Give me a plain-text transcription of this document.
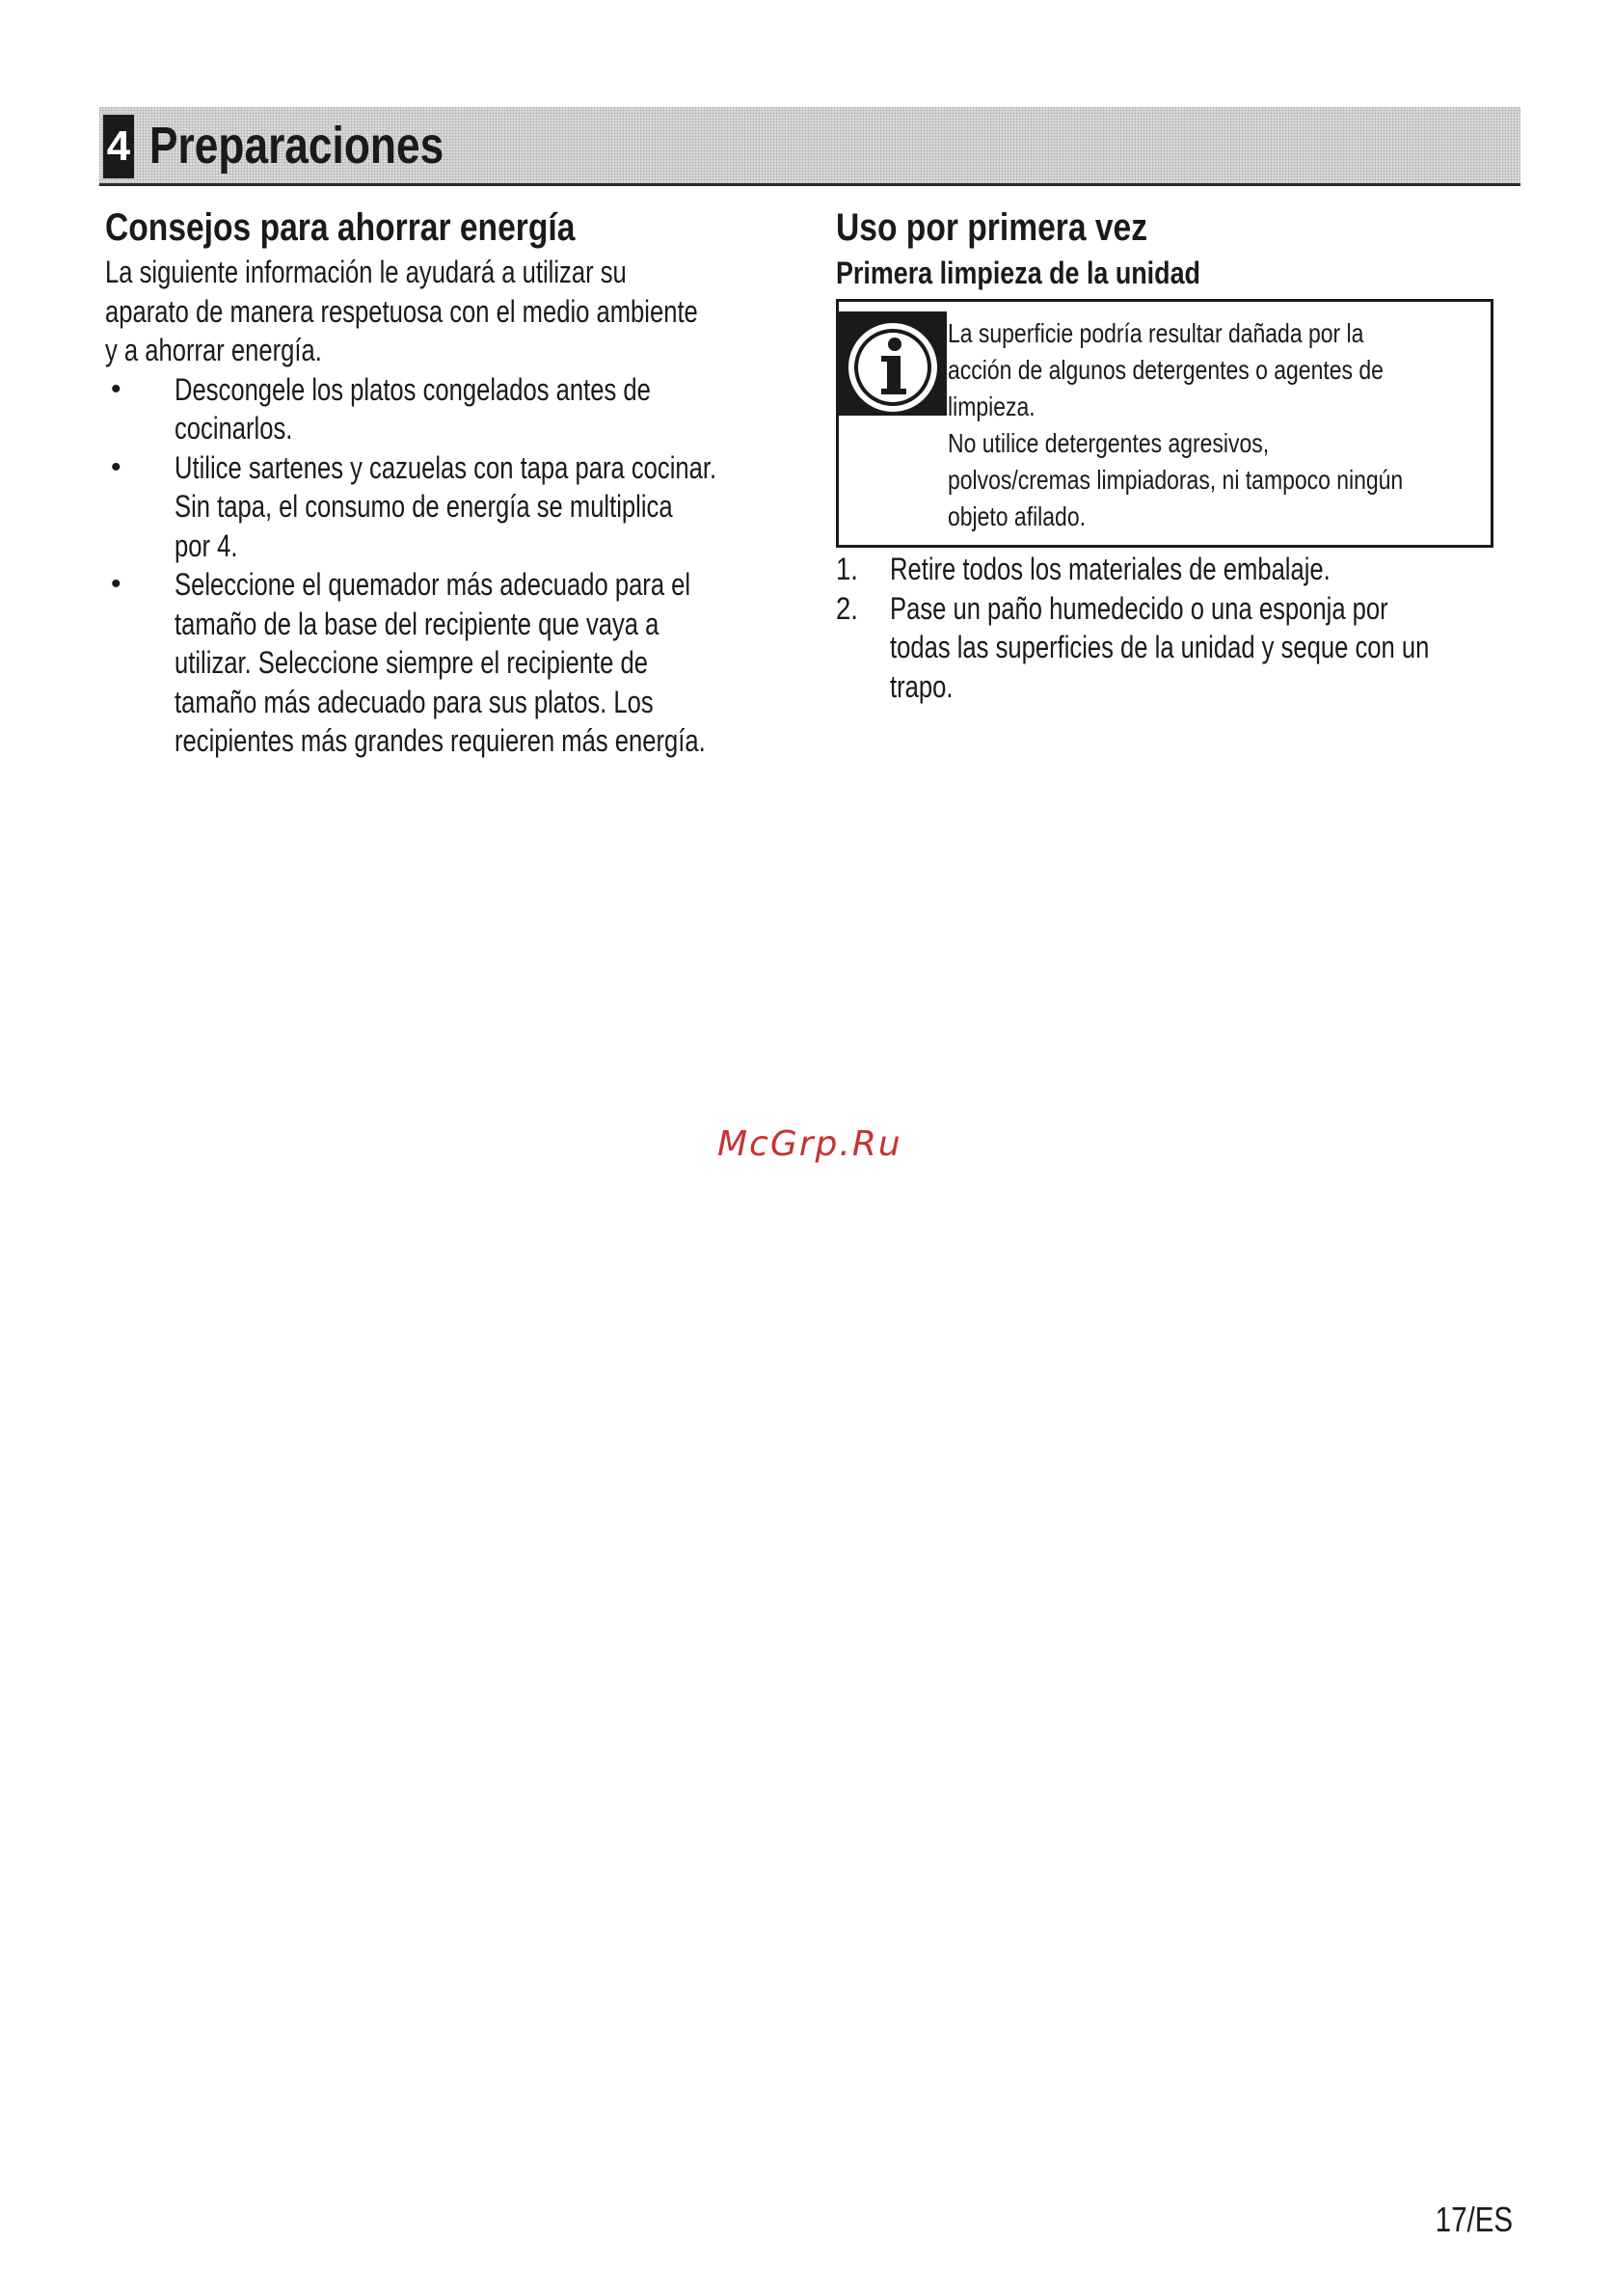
4 Preparaciones
Consejos para ahorrar energía
La siguiente información le ayudará a utilizar su
aparato de manera respetuosa con el medio ambiente
y a ahorrar energía.
• Descongele los platos congelados antes de
cocinarlos.
• Utilice sartenes y cazuelas con tapa para cocinar.
Sin tapa, el consumo de energía se multiplica
por 4.
• Seleccione el quemador más adecuado para el
tamaño de la base del recipiente que vaya a
utilizar. Seleccione siempre el recipiente de
tamaño más adecuado para sus platos. Los
recipientes más grandes requieren más energía.
Uso por primera vez
Primera limpieza de la unidad
La superficie podría resultar dañada por la
acción de algunos detergentes o agentes de
limpieza.
No utilice detergentes agresivos,
polvos/cremas limpiadoras, ni tampoco ningún
objeto afilado.
1. Retire todos los materiales de embalaje.
2. Pase un paño humedecido o una esponja por
todas las superficies de la unidad y seque con un
trapo.
McGrp.Ru
17/ES
